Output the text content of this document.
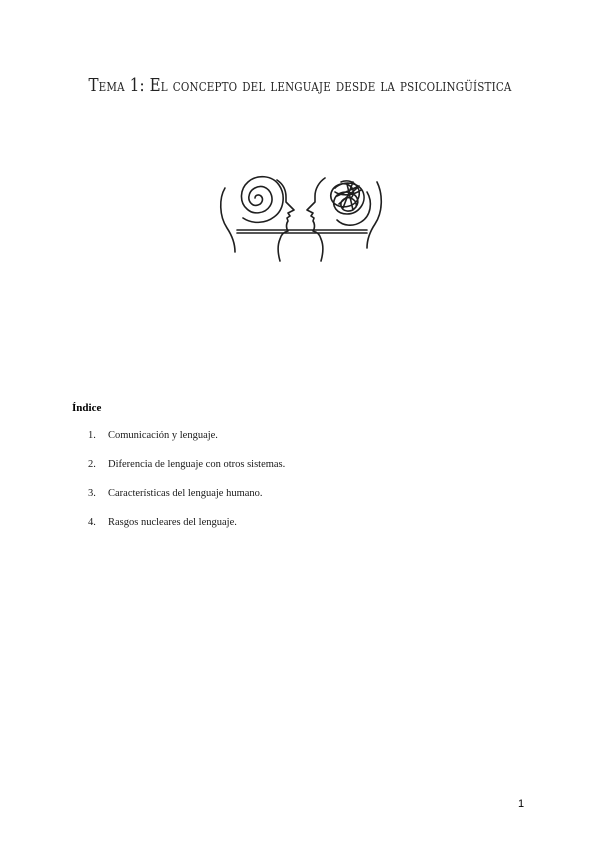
Tema 1: El concepto del lenguaje desde la psicolingüística
Índice
1. Comunicación y lenguaje.
2. Diferencia de lenguaje con otros sistemas.
3. Características del lenguaje humano.
4. Rasgos nucleares del lenguaje.
1
